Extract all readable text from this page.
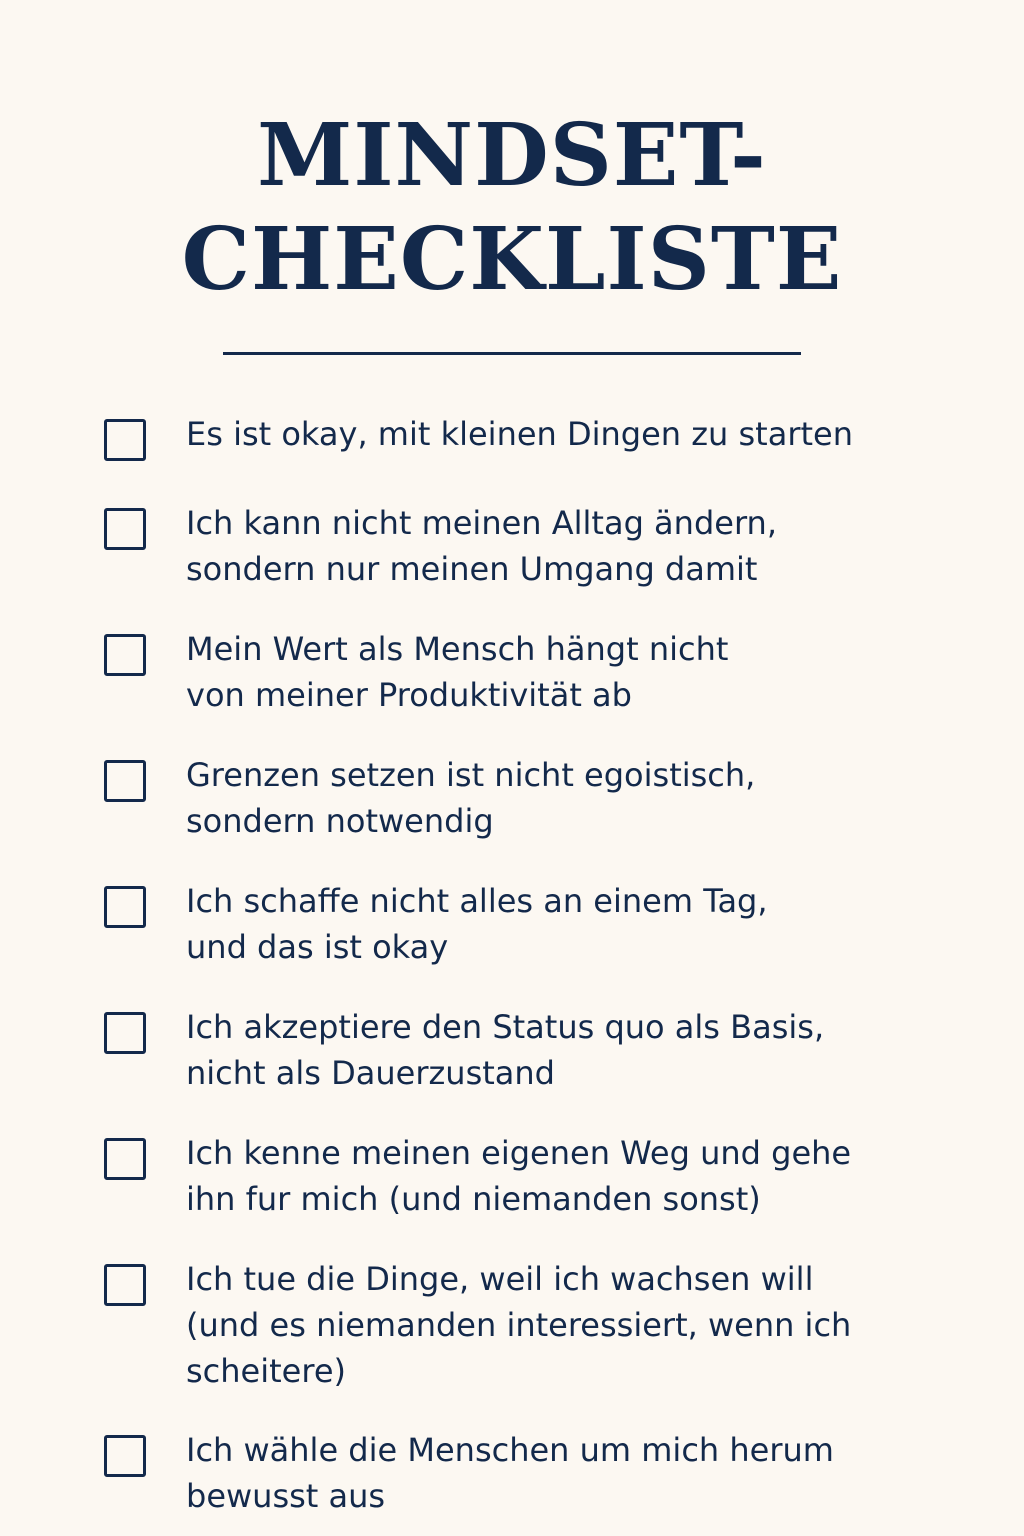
MINDSET-
CHECKLISTE
Es ist okay, mit kleinen Dingen zu starten
Ich kann nicht meinen Alltag ändern,
sondern nur meinen Umgang damit
Mein Wert als Mensch hängt nicht
von meiner Produktivität ab
Grenzen setzen ist nicht egoistisch,
sondern notwendig
Ich schaffe nicht alles an einem Tag,
und das ist okay
Ich akzeptiere den Status quo als Basis,
nicht als Dauerzustand
Ich kenne meinen eigenen Weg und gehe
ihn fur mich (und niemanden sonst)
Ich tue die Dinge, weil ich wachsen will
(und es niemanden interessiert, wenn ich
scheitere)
Ich wähle die Menschen um mich herum
bewusst aus
